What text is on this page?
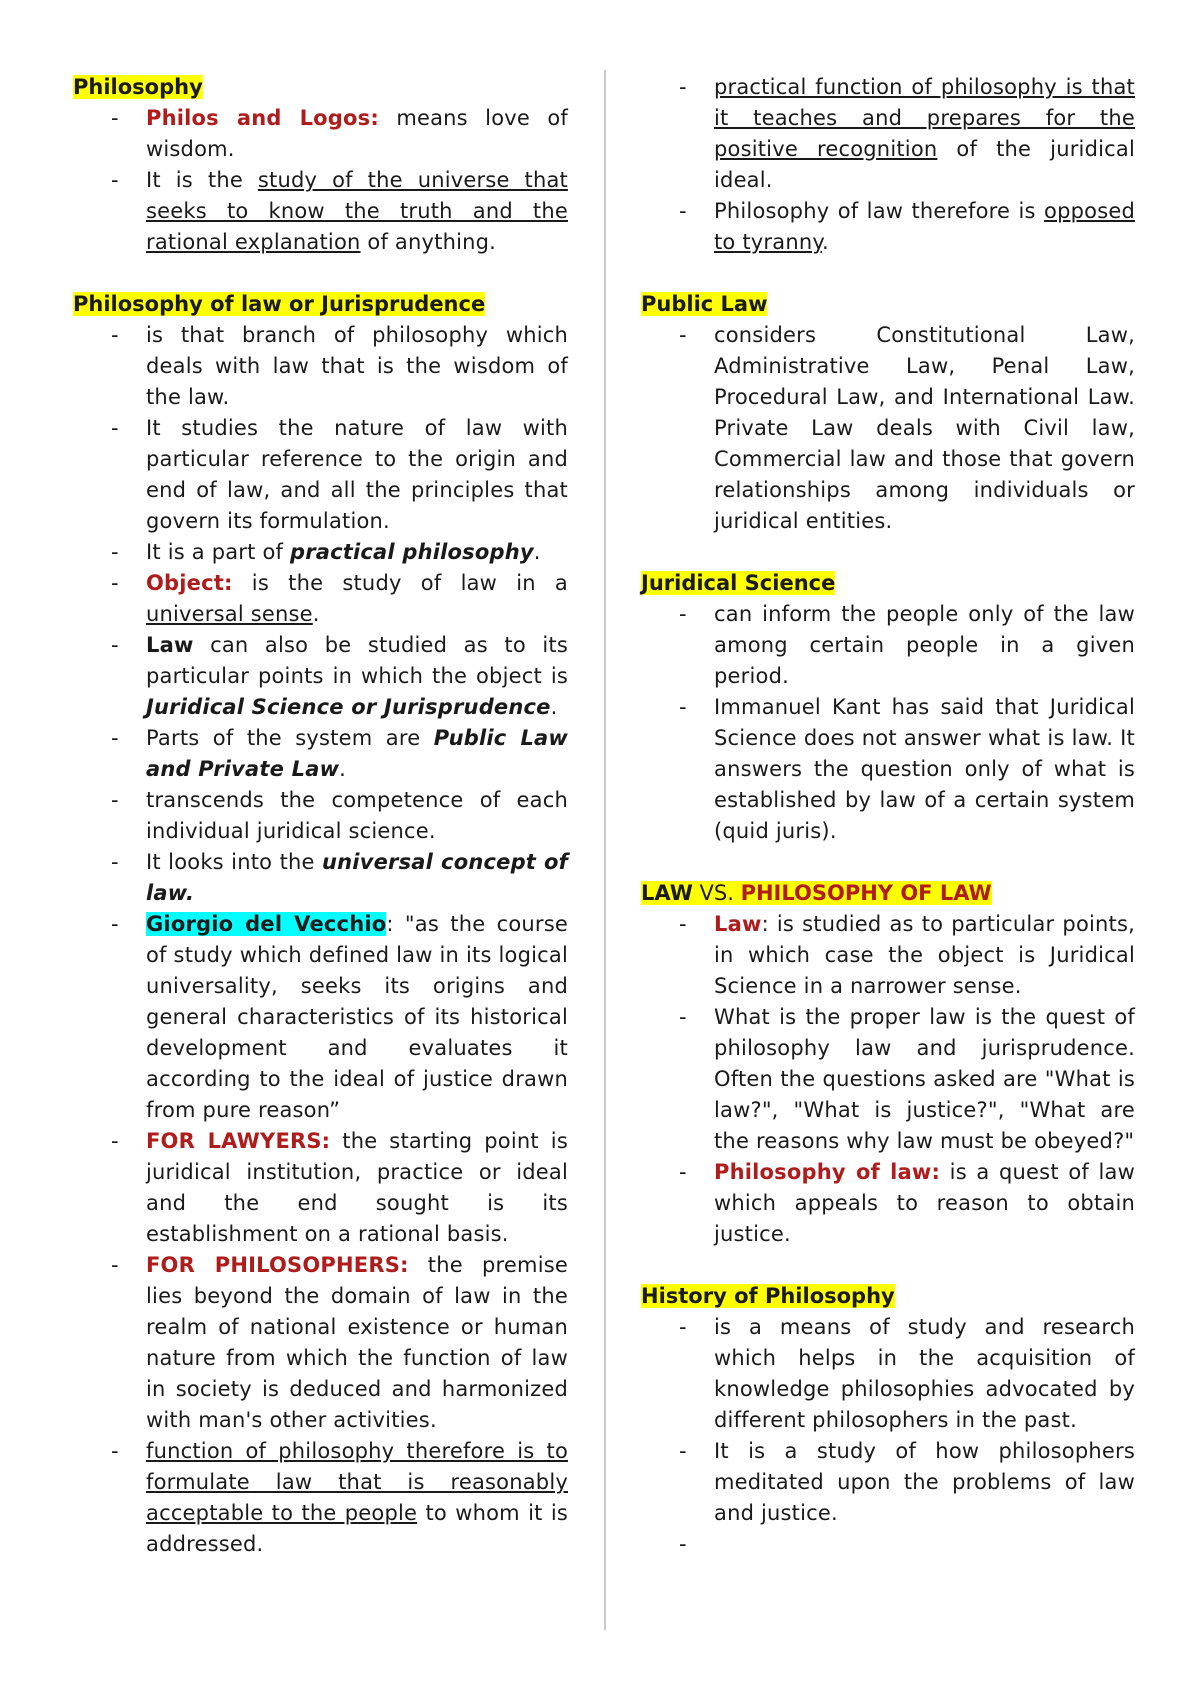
Philosophy

- Philos and Logos: means love of wisdom.
- It is the study of the universe that seeks to know the truth and the rational explanation of anything.

Philosophy of law or Jurisprudence

- is that branch of philosophy which deals with law that is the wisdom of the law.
- It studies the nature of law with particular reference to the origin and end of law, and all the principles that govern its formulation.
- It is a part of practical philosophy.
- Object: is the study of law in a universal sense.
- Law can also be studied as to its particular points in which the object is Juridical Science or Jurisprudence.
- Parts of the system are Public Law and Private Law.
- transcends the competence of each individual juridical science.
- It looks into the universal concept of law.
- Giorgio del Vecchio: "as the course of study which defined law in its logical universality, seeks its origins and general characteristics of its historical development and evaluates it according to the ideal of justice drawn from pure reason”
- FOR LAWYERS: the starting point is juridical institution, practice or ideal and the end sought is its establishment on a rational basis.
- FOR PHILOSOPHERS: the premise lies beyond the domain of law in the realm of national existence or human nature from which the function of law in society is deduced and harmonized with man's other activities.
- function of philosophy therefore is to formulate law that is reasonably acceptable to the people to whom it is addressed.
- practical function of philosophy is that it teaches and prepares for the positive recognition of the juridical ideal.
- Philosophy of law therefore is opposed to tyranny.

Public Law

- considers Constitutional Law, Administrative Law, Penal Law, Procedural Law, and International Law. Private Law deals with Civil law, Commercial law and those that govern relationships among individuals or juridical entities.

Juridical Science

- can inform the people only of the law among certain people in a given period.
- Immanuel Kant has said that Juridical Science does not answer what is law. It answers the question only of what is established by law of a certain system (quid juris).

LAW VS. PHILOSOPHY OF LAW

- Law: is studied as to particular points, in which case the object is Juridical Science in a narrower sense.
- What is the proper law is the quest of philosophy law and jurisprudence. Often the questions asked are "What is law?", "What is justice?", "What are the reasons why law must be obeyed?"
- Philosophy of law: is a quest of law which appeals to reason to obtain justice.

History of Philosophy

- is a means of study and research which helps in the acquisition of knowledge philosophies advocated by different philosophers in the past.
- It is a study of how philosophers meditated upon the problems of law and justice.
